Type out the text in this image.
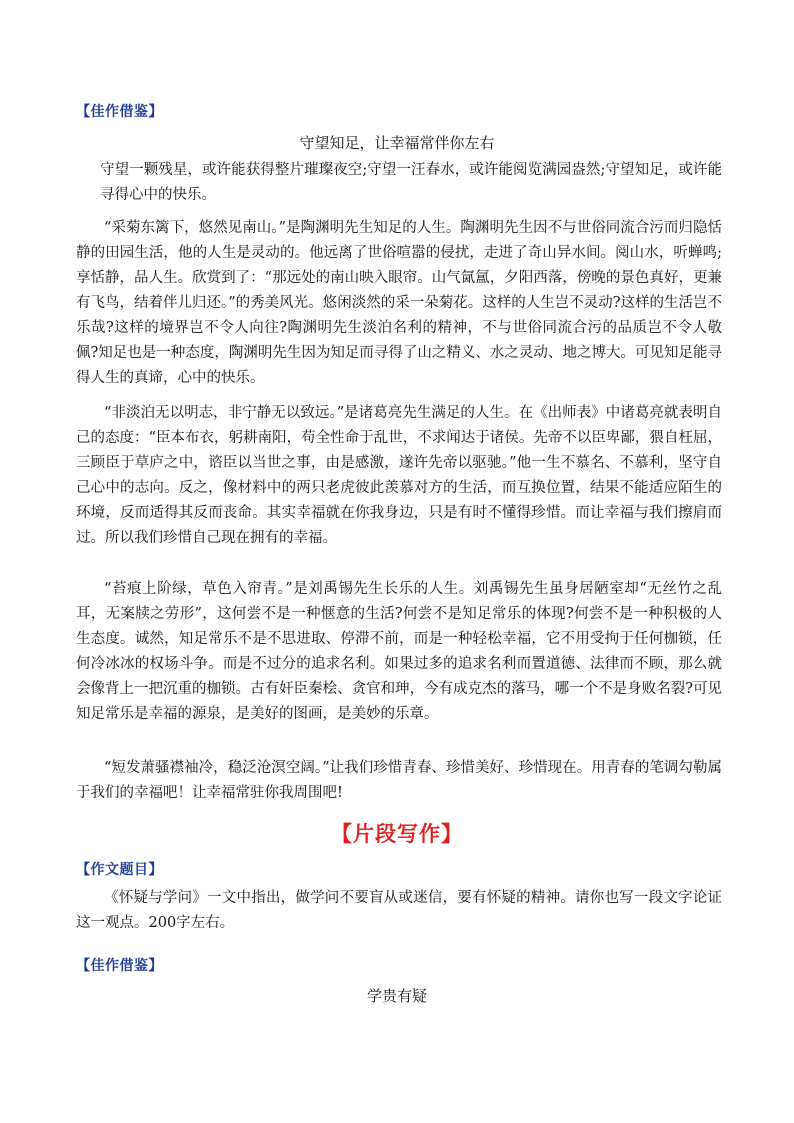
【佳作借鉴】
守望知足，让幸福常伴你左右
守望一颗残星，或许能获得整片璀璨夜空;守望一汪春水，或许能阅览满园盎然;守望知足，或许能寻得心中的快乐。
“采菊东篱下，悠然见南山。”是陶渊明先生知足的人生。陶渊明先生因不与世俗同流合污而归隐恬静的田园生活，他的人生是灵动的。他远离了世俗喧嚣的侵扰，走进了奇山异水间。阅山水，听蝉鸣;享恬静，品人生。欣赏到了：“那远处的南山映入眼帘。山气氤氲，夕阳西落，傍晚的景色真好，更兼有飞鸟，结着伴儿归还。”的秀美风光。悠闲淡然的采一朵菊花。这样的人生岂不灵动?这样的生活岂不乐哉?这样的境界岂不令人向往?陶渊明先生淡泊名利的精神，不与世俗同流合污的品质岂不令人敬佩?知足也是一种态度，陶渊明先生因为知足而寻得了山之精义、水之灵动、地之博大。可见知足能寻得人生的真谛，心中的快乐。
“非淡泊无以明志，非宁静无以致远。”是诸葛亮先生满足的人生。在《出师表》中诸葛亮就表明自己的态度：“臣本布衣，躬耕南阳，苟全性命于乱世，不求闻达于诸侯。先帝不以臣卑鄙，猥自枉屈，三顾臣于草庐之中，谘臣以当世之事，由是感激，遂许先帝以驱驰。”他一生不慕名、不慕利，坚守自己心中的志向。反之，像材料中的两只老虎彼此羡慕对方的生活，而互换位置，结果不能适应陌生的环境，反而适得其反而丧命。其实幸福就在你我身边，只是有时不懂得珍惜。而让幸福与我们擦肩而过。所以我们珍惜自己现在拥有的幸福。
“苔痕上阶绿，草色入帘青。”是刘禹锡先生长乐的人生。刘禹锡先生虽身居陋室却“无丝竹之乱耳，无案牍之劳形”，这何尝不是一种惬意的生活?何尝不是知足常乐的体现?何尝不是一种积极的人生态度。诚然，知足常乐不是不思进取、停滞不前，而是一种轻松幸福，它不用受拘于任何枷锁，任何冷冰冰的权场斗争。而是不过分的追求名利。如果过多的追求名利而置道德、法律而不顾，那么就会像背上一把沉重的枷锁。古有奸臣秦桧、贪官和珅，今有成克杰的落马，哪一个不是身败名裂?可见知足常乐是幸福的源泉，是美好的图画，是美妙的乐章。
“短发萧骚襟袖冷，稳泛沧溟空阔。”让我们珍惜青春、珍惜美好、珍惜现在。用青春的笔调勾勒属于我们的幸福吧！让幸福常驻你我周围吧!
【片段写作】
【作文题目】
《怀疑与学问》一文中指出，做学问不要盲从或迷信，要有怀疑的精神。请你也写一段文字论证这一观点。200字左右。
【佳作借鉴】
学贵有疑
